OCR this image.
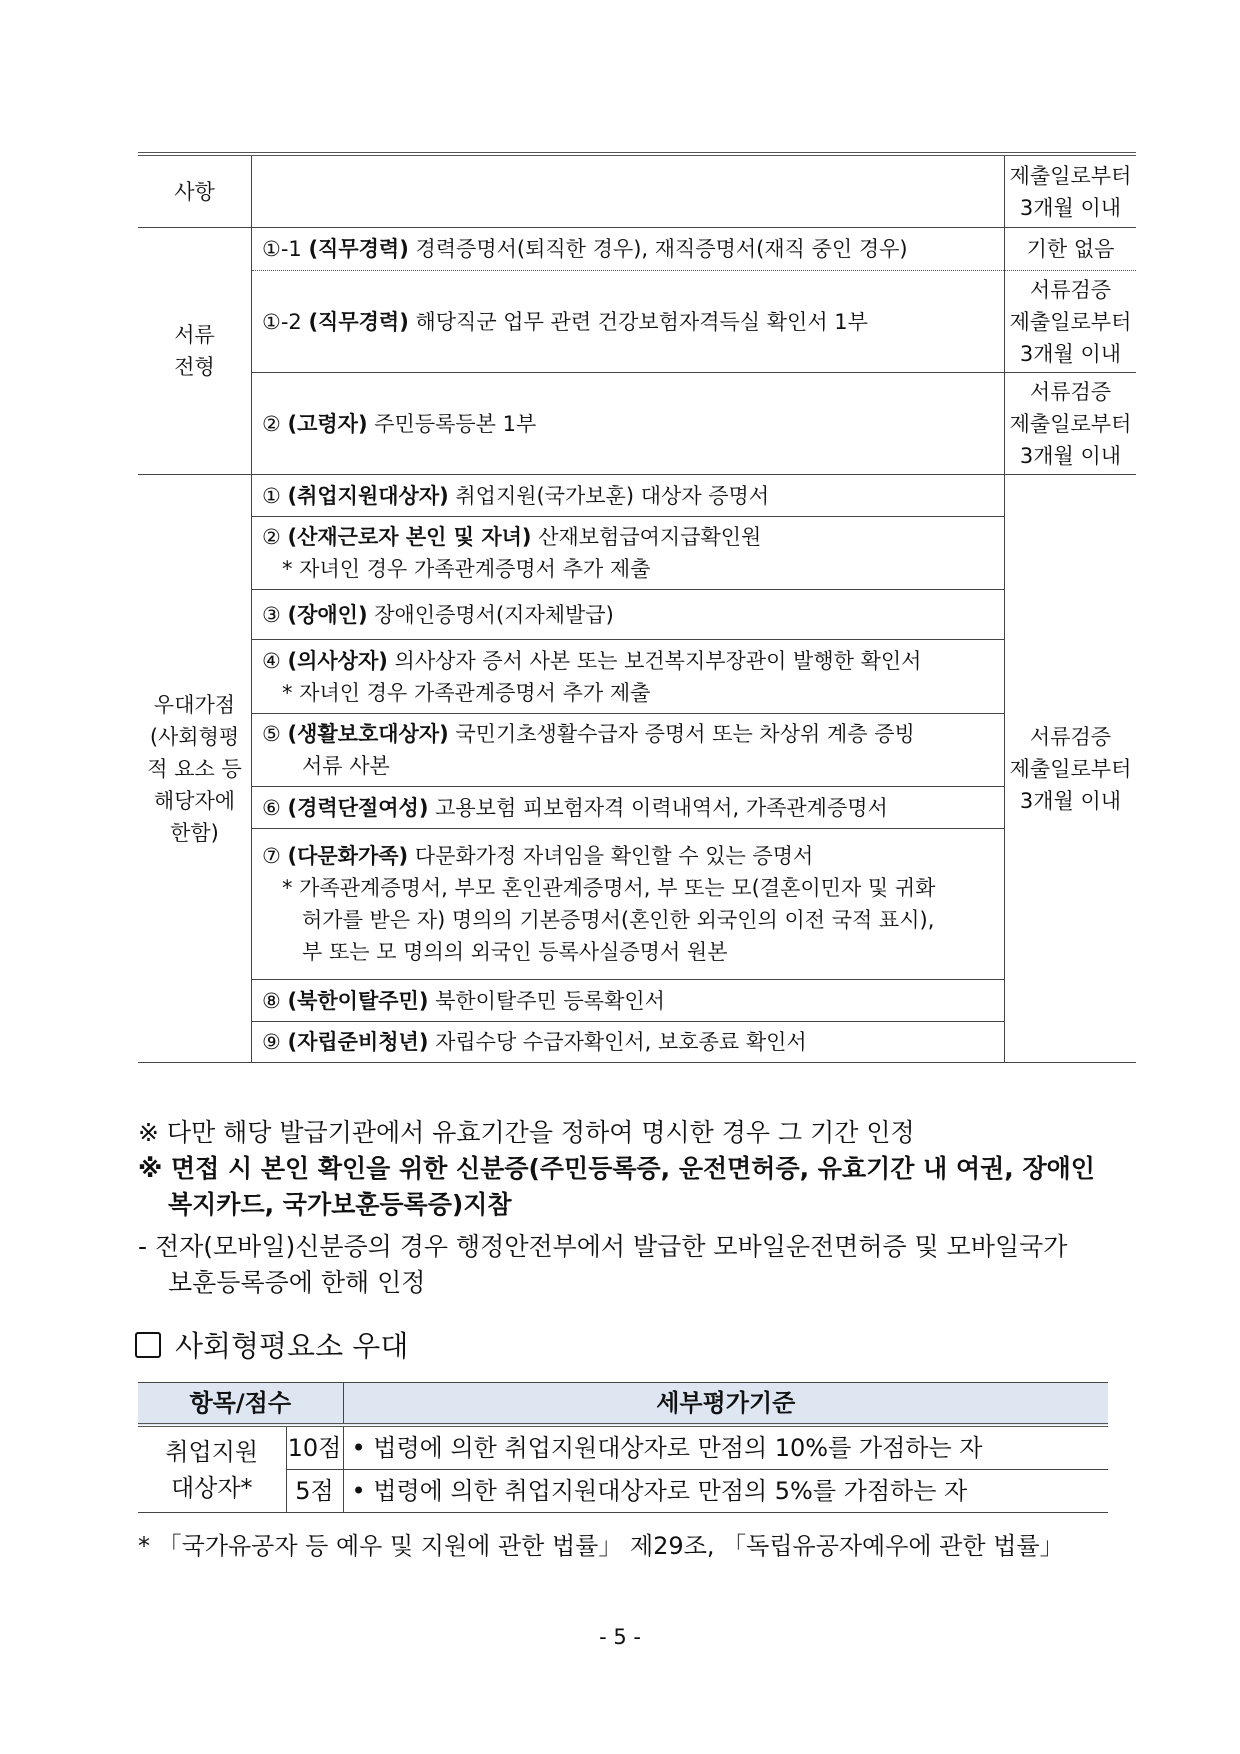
사항		제출일로부터
3개월 이내
서류
전형	①-1 (직무경력) 경력증명서(퇴직한 경우), 재직증명서(재직 중인 경우)	기한 없음
	①-2 (직무경력) 해당직군 업무 관련 건강보험자격득실 확인서 1부	서류검증
제출일로부터
3개월 이내
	② (고령자) 주민등록등본 1부	서류검증
제출일로부터
3개월 이내
우대가점
(사회형평
적 요소 등
해당자에
한함)	① (취업지원대상자) 취업지원(국가보훈) 대상자 증명서	서류검증
제출일로부터
3개월 이내
	② (산재근로자 본인 및 자녀) 산재보험급여지급확인원
* 자녀인 경우 가족관계증명서 추가 제출	

	③ (장애인) 장애인증명서(지자체발급)	
	④ (의사상자) 의사상자 증서 사본 또는 보건복지부장관이 발행한 확인서
* 자녀인 경우 가족관계증명서 추가 제출	

	⑤ (생활보호대상자) 국민기초생활수급자 증명서 또는 차상위 계층 증빙
서류 사본	

	⑥ (경력단절여성) 고용보험 피보험자격 이력내역서, 가족관계증명서	
	⑦ (다문화가족) 다문화가정 자녀임을 확인할 수 있는 증명서
* 가족관계증명서, 부모 혼인관계증명서, 부 또는 모(결혼이민자 및 귀화
허가를 받은 자) 명의의 기본증명서(혼인한 외국인의 이전 국적 표시),
부 또는 모 명의의 외국인 등록사실증명서 원본	

	⑧ (북한이탈주민) 북한이탈주민 등록확인서	
	⑨ (자립준비청년) 자립수당 수급자확인서, 보호종료 확인서	

※ 다만 해당 발급기관에서 유효기간을 정하여 명시한 경우 그 기간 인정

※ 면접 시 본인 확인을 위한 신분증(주민등록증, 운전면허증, 유효기간 내 여권, 장애인

복지카드, 국가보훈등록증)지참

- 전자(모바일)신분증의 경우 행정안전부에서 발급한 모바일운전면허증 및 모바일국가

보훈등록증에 한해 인정

사회형평요소 우대
항목/점수		세부평가기준
취업지원
대상자*	10점	• 법령에 의한 취업지원대상자로 만점의 10%를 가점하는 자
	5점	• 법령에 의한 취업지원대상자로 만점의 5%를 가점하는 자
* 「국가유공자 등 예우 및 지원에 관한 법률」 제29조, 「독립유공자예우에 관한 법률」
- 5 -
